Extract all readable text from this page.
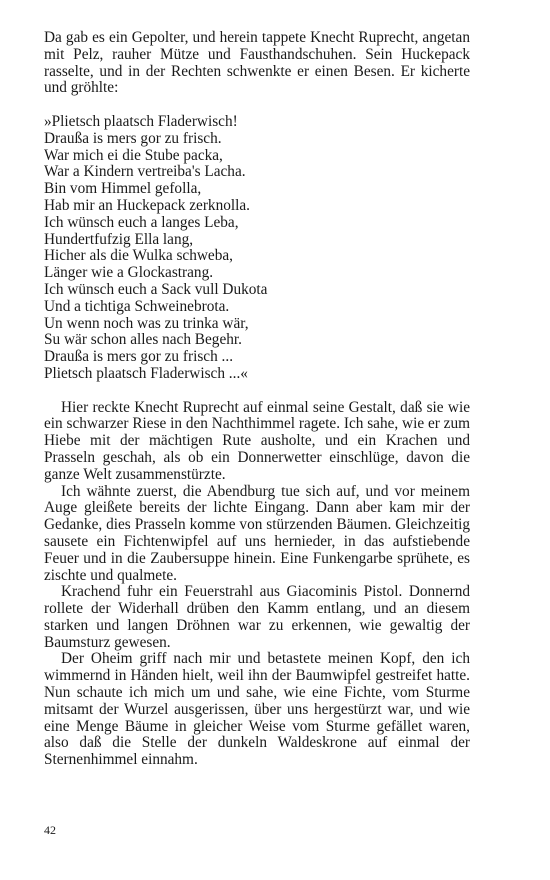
Da gab es ein Gepolter, und herein tappete Knecht Ruprecht, angetan mit Pelz, rauher Mütze und Fausthandschuhen. Sein Huckepack rasselte, und in der Rechten schwenkte er einen Besen. Er kicherte und gröhlte:

»Plietsch plaatsch Fladerwisch!
Draußa is mers gor zu frisch.
War mich ei die Stube packa,
War a Kindern vertreiba's Lacha.
Bin vom Himmel gefolla,
Hab mir an Huckepack zerknolla.
Ich wünsch euch a langes Leba,
Hundertfufzig Ella lang,
Hicher als die Wulka schweba,
Länger wie a Glockastrang.
Ich wünsch euch a Sack vull Dukota
Und a tichtiga Schweinebrota.
Un wenn noch was zu trinka wär,
Su wär schon alles nach Begehr.
Draußa is mers gor zu frisch ...
Plietsch plaatsch Fladerwisch ...«

Hier reckte Knecht Ruprecht auf einmal seine Gestalt, daß sie wie ein schwarzer Riese in den Nachthimmel ragete. Ich sahe, wie er zum Hiebe mit der mächtigen Rute ausholte, und ein Krachen und Prasseln geschah, als ob ein Donnerwetter einschlüge, davon die ganze Welt zusammenstürzte.

Ich wähnte zuerst, die Abendburg tue sich auf, und vor meinem Auge gleißete bereits der lichte Eingang. Dann aber kam mir der Gedanke, dies Prasseln komme von stürzenden Bäumen. Gleichzeitig sausete ein Fichtenwipfel auf uns hernieder, in das aufstiebende Feuer und in die Zaubersuppe hinein. Eine Funkengarbe sprühete, es zischte und qualmete.

Krachend fuhr ein Feuerstrahl aus Giacominis Pistol. Donnernd rollete der Widerhall drüben den Kamm entlang, und an diesem starken und langen Dröhnen war zu erkennen, wie gewaltig der Baumsturz gewesen.

Der Oheim griff nach mir und betastete meinen Kopf, den ich wimmernd in Händen hielt, weil ihn der Baumwipfel gestreifet hatte. Nun schaute ich mich um und sahe, wie eine Fichte, vom Sturme mitsamt der Wurzel ausgerissen, über uns hergestürzt war, und wie eine Menge Bäume in gleicher Weise vom Sturme gefället waren, also daß die Stelle der dunkeln Waldeskrone auf einmal der Sternenhimmel einnahm.

42
